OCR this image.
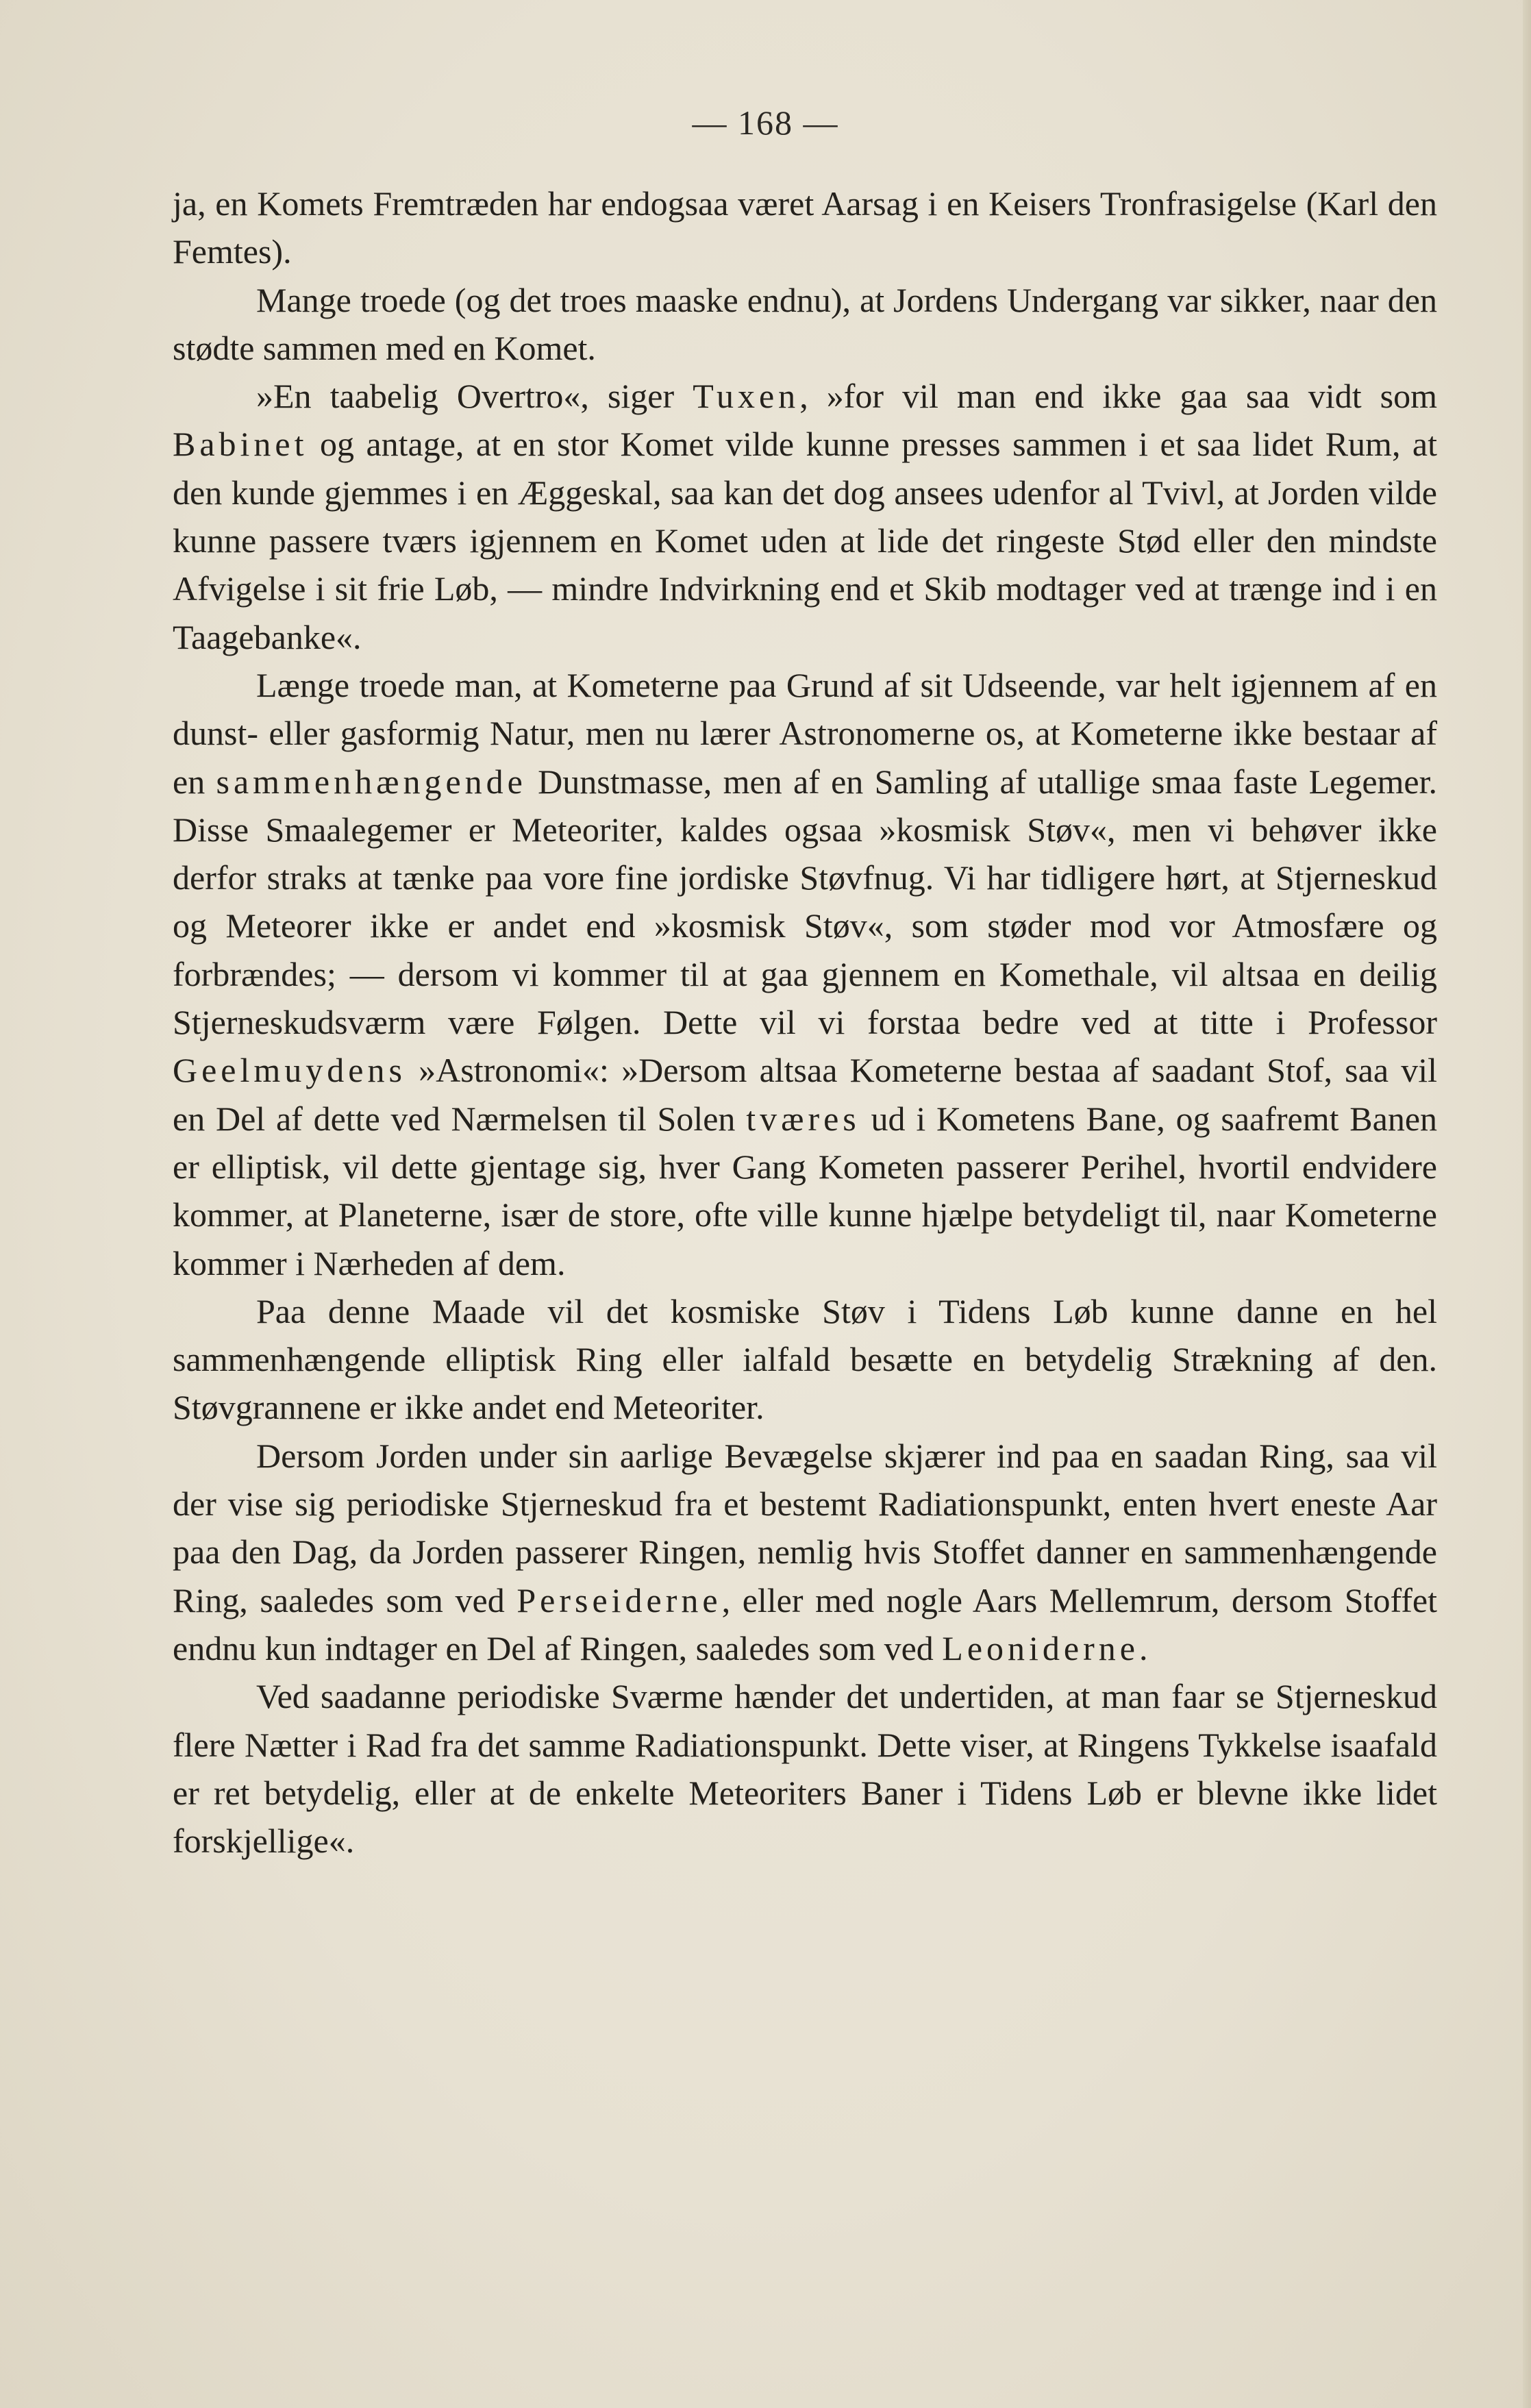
— 168 —

ja, en Komets Fremtræden har endogsaa været Aarsag i en Keisers Tronfrasigelse (Karl den Femtes).

Mange troede (og det troes maaske endnu), at Jordens Undergang var sikker, naar den stødte sammen med en Komet.

»En taabelig Overtro«, siger Tuxen, »for vil man end ikke gaa saa vidt som Babinet og antage, at en stor Komet vilde kunne presses sammen i et saa lidet Rum, at den kunde gjemmes i en Æggeskal, saa kan det dog ansees udenfor al Tvivl, at Jorden vilde kunne passere tværs igjennem en Komet uden at lide det ringeste Stød eller den mindste Afvigelse i sit frie Løb, — mindre Indvirkning end et Skib modtager ved at trænge ind i en Taagebanke«.

Længe troede man, at Kometerne paa Grund af sit Udseende, var helt igjennem af en dunst- eller gasformig Natur, men nu lærer Astronomerne os, at Kometerne ikke bestaar af en sammenhængende Dunstmasse, men af en Samling af utallige smaa faste Legemer. Disse Smaalegemer er Meteoriter, kaldes ogsaa »kosmisk Støv«, men vi behøver ikke derfor straks at tænke paa vore fine jordiske Støvfnug. Vi har tidligere hørt, at Stjerneskud og Meteorer ikke er andet end »kosmisk Støv«, som støder mod vor Atmosfære og forbrændes; — dersom vi kommer til at gaa gjennem en Komethale, vil altsaa en deilig Stjerneskudsværm være Følgen. Dette vil vi forstaa bedre ved at titte i Professor Geelmuydens »Astronomi«: »Dersom altsaa Kometerne bestaa af saadant Stof, saa vil en Del af dette ved Nærmelsen til Solen tværes ud i Kometens Bane, og saafremt Banen er elliptisk, vil dette gjentage sig, hver Gang Kometen passerer Perihel, hvortil endvidere kommer, at Planeterne, især de store, ofte ville kunne hjælpe betydeligt til, naar Kometerne kommer i Nærheden af dem.

Paa denne Maade vil det kosmiske Støv i Tidens Løb kunne danne en hel sammenhængende elliptisk Ring eller ialfald besætte en betydelig Strækning af den. Støvgrannene er ikke andet end Meteoriter.

Dersom Jorden under sin aarlige Bevægelse skjærer ind paa en saadan Ring, saa vil der vise sig periodiske Stjerneskud fra et bestemt Radiationspunkt, enten hvert eneste Aar paa den Dag, da Jorden passerer Ringen, nemlig hvis Stoffet danner en sammenhængende Ring, saaledes som ved Perseiderne, eller med nogle Aars Mellemrum, dersom Stoffet endnu kun indtager en Del af Ringen, saaledes som ved Leoniderne.

Ved saadanne periodiske Sværme hænder det undertiden, at man faar se Stjerneskud flere Nætter i Rad fra det samme Radiationspunkt. Dette viser, at Ringens Tykkelse isaafald er ret betydelig, eller at de enkelte Meteoriters Baner i Tidens Løb er blevne ikke lidet forskjellige«.
